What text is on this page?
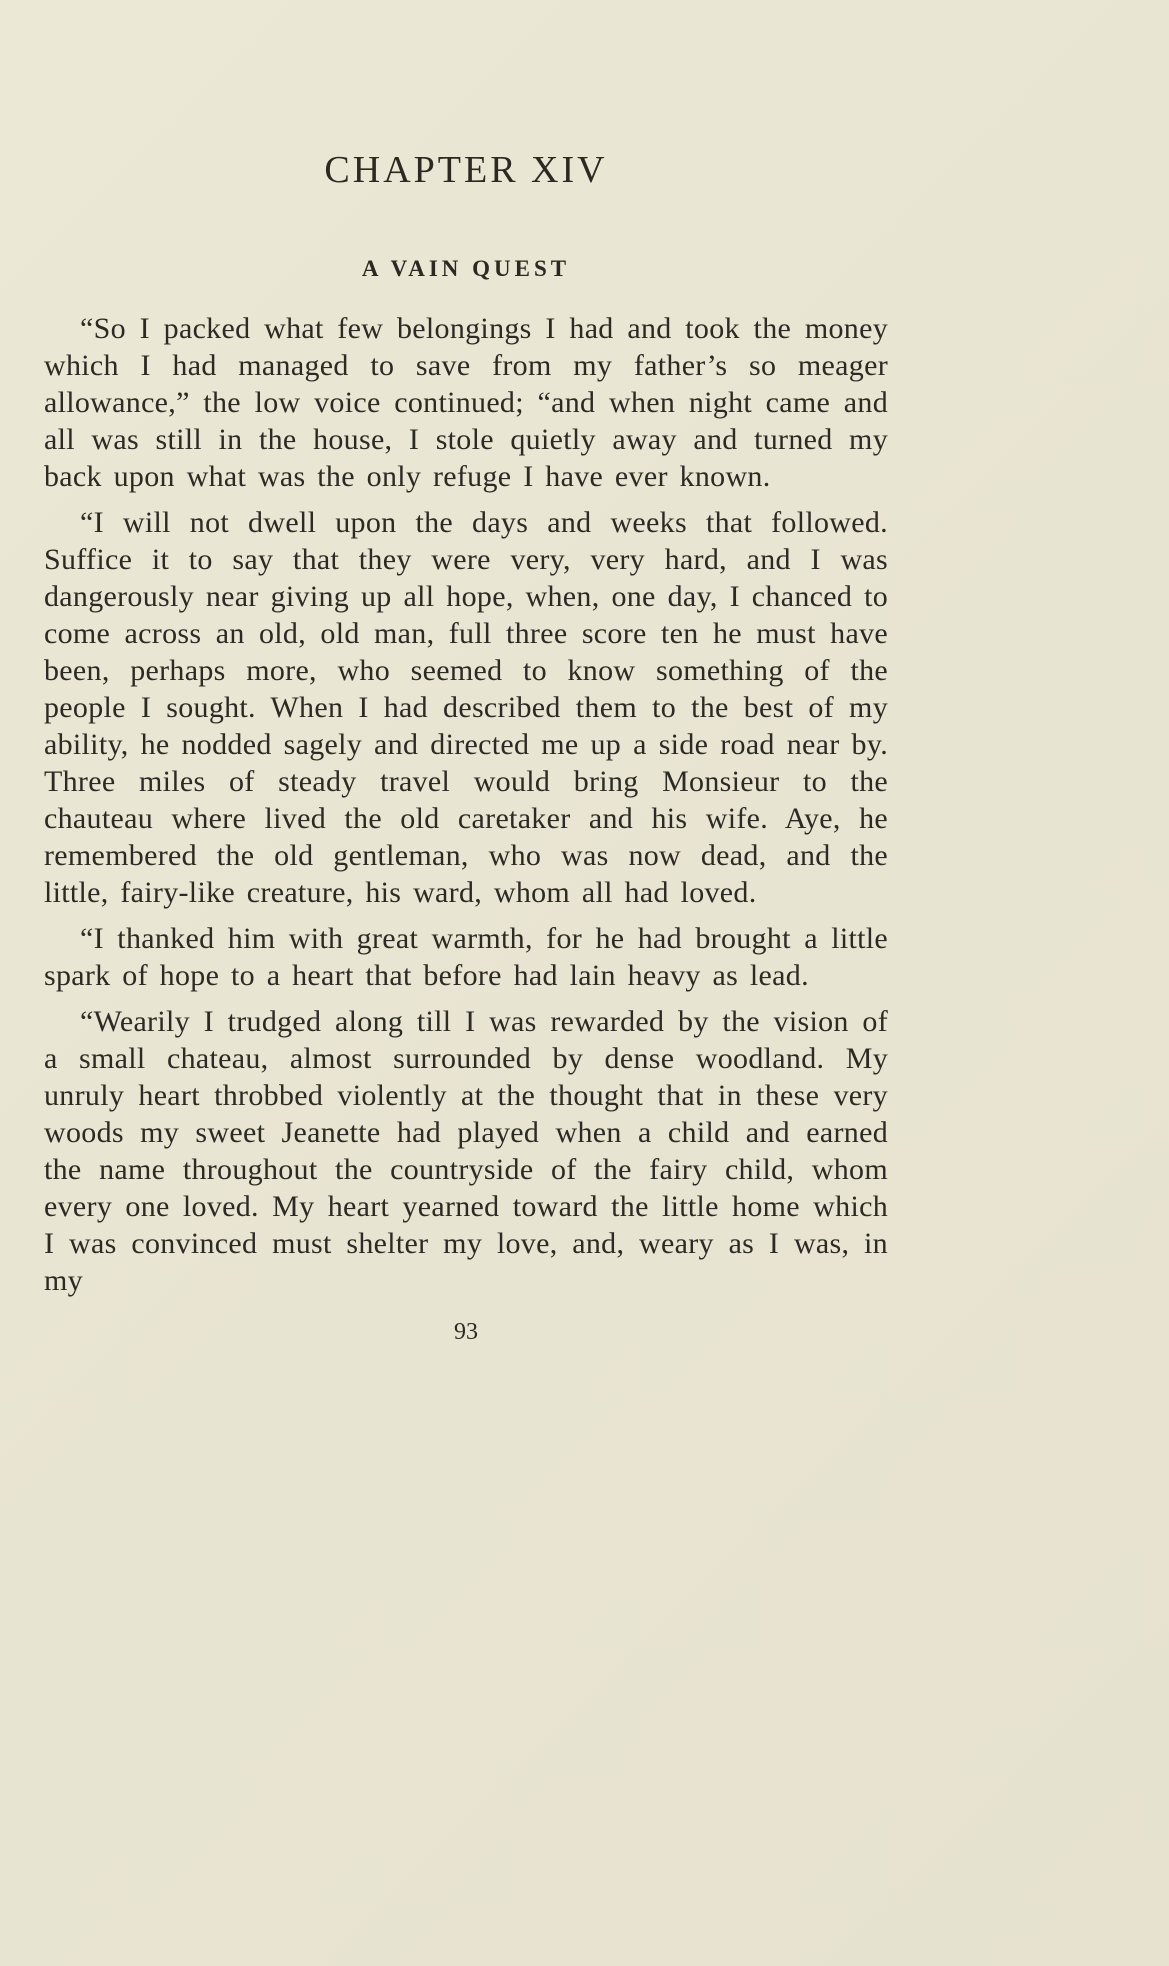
CHAPTER XIV
A VAIN QUEST

“So I packed what few belongings I had and took the money which I had managed to save from my father’s so meager allowance,” the low voice continued; “and when night came and all was still in the house, I stole quietly away and turned my back upon what was the only refuge I have ever known.

“I will not dwell upon the days and weeks that followed. Suffice it to say that they were very, very hard, and I was dangerously near giving up all hope, when, one day, I chanced to come across an old, old man, full three score ten he must have been, perhaps more, who seemed to know something of the people I sought. When I had described them to the best of my ability, he nodded sagely and directed me up a side road near by. Three miles of steady travel would bring Monsieur to the chauteau where lived the old caretaker and his wife. Aye, he remembered the old gentleman, who was now dead, and the little, fairy-like creature, his ward, whom all had loved.

“I thanked him with great warmth, for he had brought a little spark of hope to a heart that before had lain heavy as lead.

“Wearily I trudged along till I was rewarded by the vision of a small chateau, almost surrounded by dense woodland. My unruly heart throbbed violently at the thought that in these very woods my sweet Jeanette had played when a child and earned the name throughout the countryside of the fairy child, whom every one loved. My heart yearned toward the little home which I was convinced must shelter my love, and, weary as I was, in my

93
